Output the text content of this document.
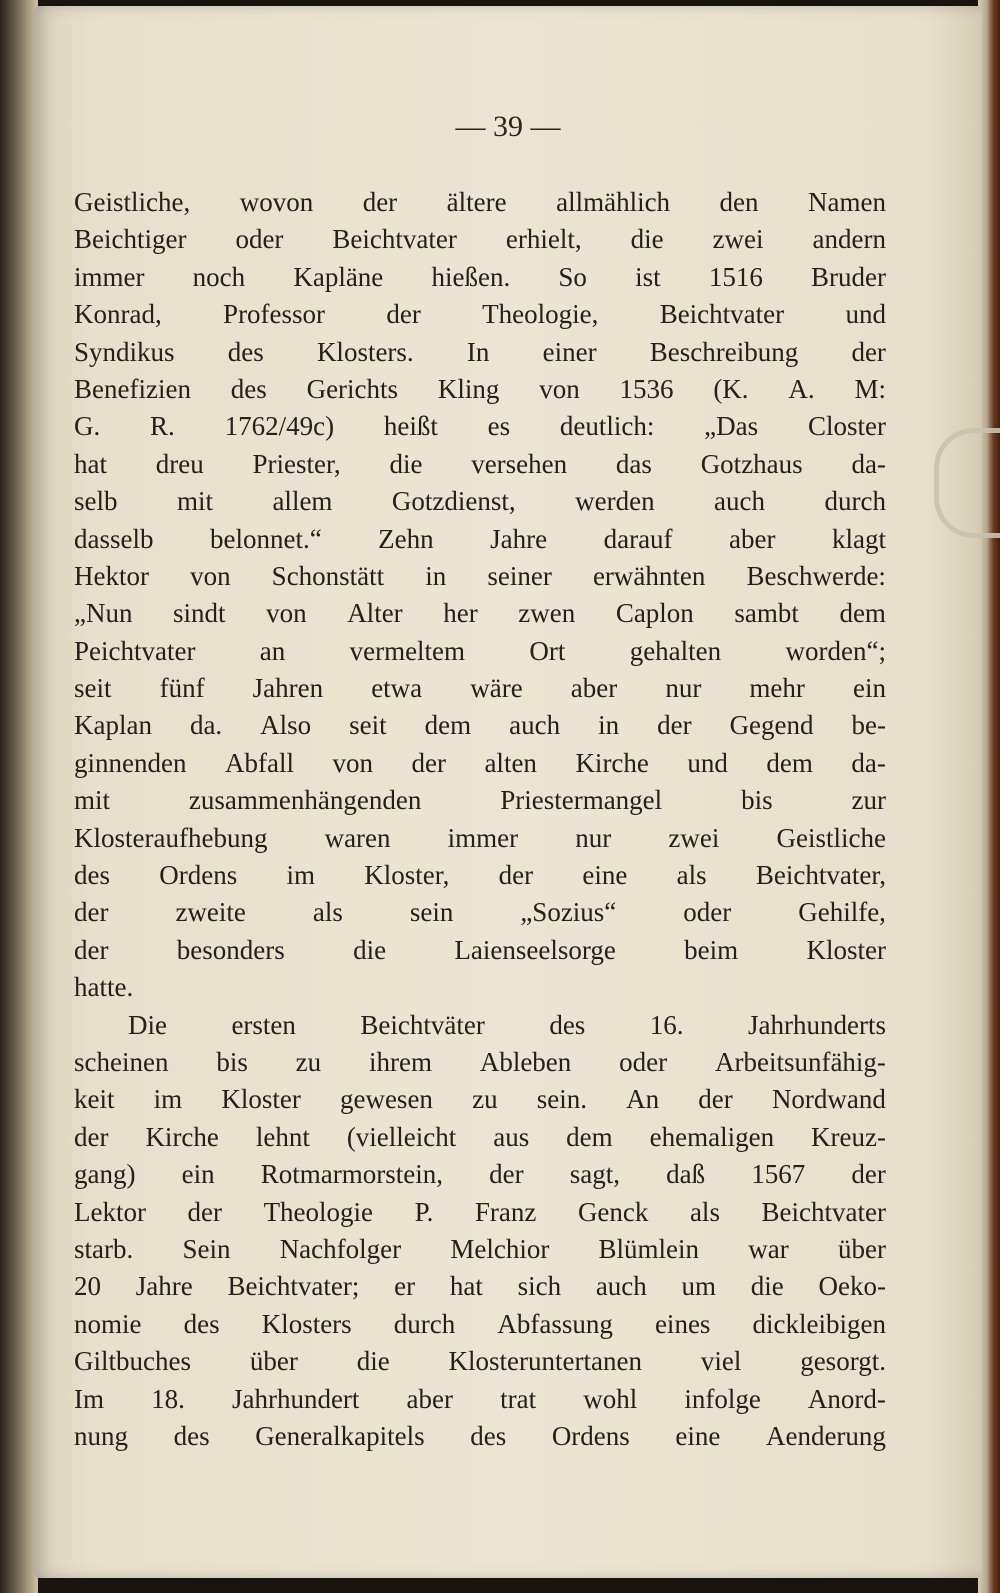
— 39 —
Geistliche, wovon der ältere allmählich den Namen
Beichtiger oder Beichtvater erhielt, die zwei andern
immer noch Kapläne hießen. So ist 1516 Bruder
Konrad, Professor der Theologie, Beichtvater und
Syndikus des Klosters. In einer Beschreibung der
Benefizien des Gerichts Kling von 1536 (K. A. M:
G. R. 1762/49c) heißt es deutlich: „Das Closter
hat dreu Priester, die versehen das Gotzhaus da-
selb mit allem Gotzdienst, werden auch durch
dasselb belonnet.“ Zehn Jahre darauf aber klagt
Hektor von Schonstätt in seiner erwähnten Beschwerde:
„Nun sindt von Alter her zwen Caplon sambt dem
Peichtvater an vermeltem Ort gehalten worden“;
seit fünf Jahren etwa wäre aber nur mehr ein
Kaplan da. Also seit dem auch in der Gegend be-
ginnenden Abfall von der alten Kirche und dem da-
mit	zusammenhängenden	Priestermangel	bis	zur
Klosteraufhebung waren immer nur zwei Geistliche
des Ordens im Kloster, der eine als Beichtvater,
der zweite als sein „Sozius“ oder Gehilfe,
der	besonders	die	Laienseelsorge	beim	Kloster
hatte.
Die ersten Beichtväter des 16. Jahrhunderts
scheinen bis zu ihrem Ableben oder Arbeitsunfähig-
keit im Kloster gewesen zu sein. An der Nordwand
der Kirche lehnt (vielleicht aus dem ehemaligen Kreuz-
gang) ein Rotmarmorstein, der sagt, daß 1567 der
Lektor der Theologie P. Franz Genck als Beichtvater
starb. Sein Nachfolger Melchior Blümlein war über
20 Jahre Beichtvater; er hat sich auch um die Oeko-
nomie des Klosters durch Abfassung eines dickleibigen
Giltbuches über die Klosteruntertanen viel gesorgt.
Im 18. Jahrhundert aber trat wohl infolge Anord-
nung des Generalkapitels des Ordens eine Aenderung
